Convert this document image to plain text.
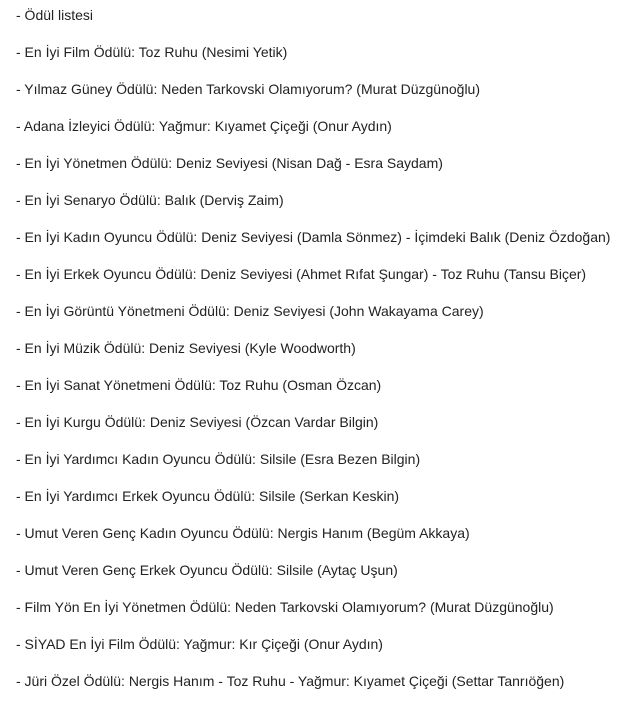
- Ödül listesi
- En İyi Film Ödülü: Toz Ruhu (Nesimi Yetik)
- Yılmaz Güney Ödülü: Neden Tarkovski Olamıyorum? (Murat Düzgünoğlu)
- Adana İzleyici Ödülü: Yağmur: Kıyamet Çiçeği (Onur Aydın)
- En İyi Yönetmen Ödülü: Deniz Seviyesi (Nisan Dağ - Esra Saydam)
- En İyi Senaryo Ödülü: Balık (Derviş Zaim)
- En İyi Kadın Oyuncu Ödülü: Deniz Seviyesi (Damla Sönmez) - İçimdeki Balık (Deniz Özdoğan)
- En İyi Erkek Oyuncu Ödülü: Deniz Seviyesi (Ahmet Rıfat Şungar) - Toz Ruhu (Tansu Biçer)
- En İyi Görüntü Yönetmeni Ödülü: Deniz Seviyesi (John Wakayama Carey)
- En İyi Müzik Ödülü: Deniz Seviyesi (Kyle Woodworth)
- En İyi Sanat Yönetmeni Ödülü: Toz Ruhu (Osman Özcan)
- En İyi Kurgu Ödülü: Deniz Seviyesi (Özcan Vardar Bilgin)
- En İyi Yardımcı Kadın Oyuncu Ödülü: Silsile (Esra Bezen Bilgin)
- En İyi Yardımcı Erkek Oyuncu Ödülü: Silsile (Serkan Keskin)
- Umut Veren Genç Kadın Oyuncu Ödülü: Nergis Hanım (Begüm Akkaya)
- Umut Veren Genç Erkek Oyuncu Ödülü: Silsile (Aytaç Uşun)
- Film Yön En İyi Yönetmen Ödülü: Neden Tarkovski Olamıyorum? (Murat Düzgünoğlu)
- SİYAD En İyi Film Ödülü: Yağmur: Kır Çiçeği (Onur Aydın)
- Jüri Özel Ödülü: Nergis Hanım - Toz Ruhu - Yağmur: Kıyamet Çiçeği (Settar Tanrıöğen)
